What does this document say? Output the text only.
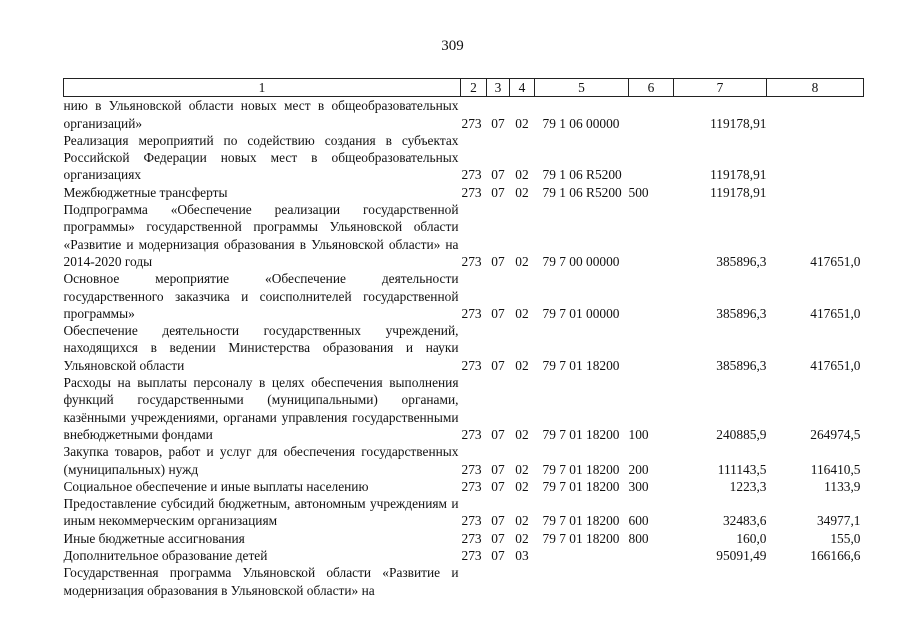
309
1	2	3	4	5	6	7	8
нию в Ульяновской области новых мест в общеобразовательных организаций»	273	07	02	79 1 06 00000		119178,91	
Реализация мероприятий по содействию создания в субъектах Российской Федерации новых мест в общеобразовательных организациях	273	07	02	79 1 06 R5200		119178,91	
Межбюджетные трансферты	273	07	02	79 1 06 R5200	500	119178,91	
Подпрограмма «Обеспечение реализации государственной программы» государственной программы Ульяновской области «Развитие и модернизация образования в Ульяновской области» на 2014-2020 годы	273	07	02	79 7 00 00000		385896,3	417651,0
Основное мероприятие «Обеспечение деятельности государственного заказчика и соисполнителей государственной программы»	273	07	02	79 7 01 00000		385896,3	417651,0
Обеспечение деятельности государственных учреждений, находящихся в ведении Министерства образования и науки Ульяновской области	273	07	02	79 7 01 18200		385896,3	417651,0
Расходы на выплаты персоналу в целях обеспечения выполнения функций государственными (муниципальными) органами, казёнными учреждениями, органами управления государственными внебюджетными фондами	273	07	02	79 7 01 18200	100	240885,9	264974,5
Закупка товаров, работ и услуг для обеспечения государственных (муниципальных) нужд	273	07	02	79 7 01 18200	200	111143,5	116410,5
Социальное обеспечение и иные выплаты населению	273	07	02	79 7 01 18200	300	1223,3	1133,9
Предоставление субсидий бюджетным, автономным учреждениям и иным некоммерческим организациям	273	07	02	79 7 01 18200	600	32483,6	34977,1
Иные бюджетные ассигнования	273	07	02	79 7 01 18200	800	160,0	155,0
Дополнительное образование детей	273	07	03			95091,49	166166,6
Государственная программа Ульяновской области «Развитие и модернизация образования в Ульяновской области» на							
